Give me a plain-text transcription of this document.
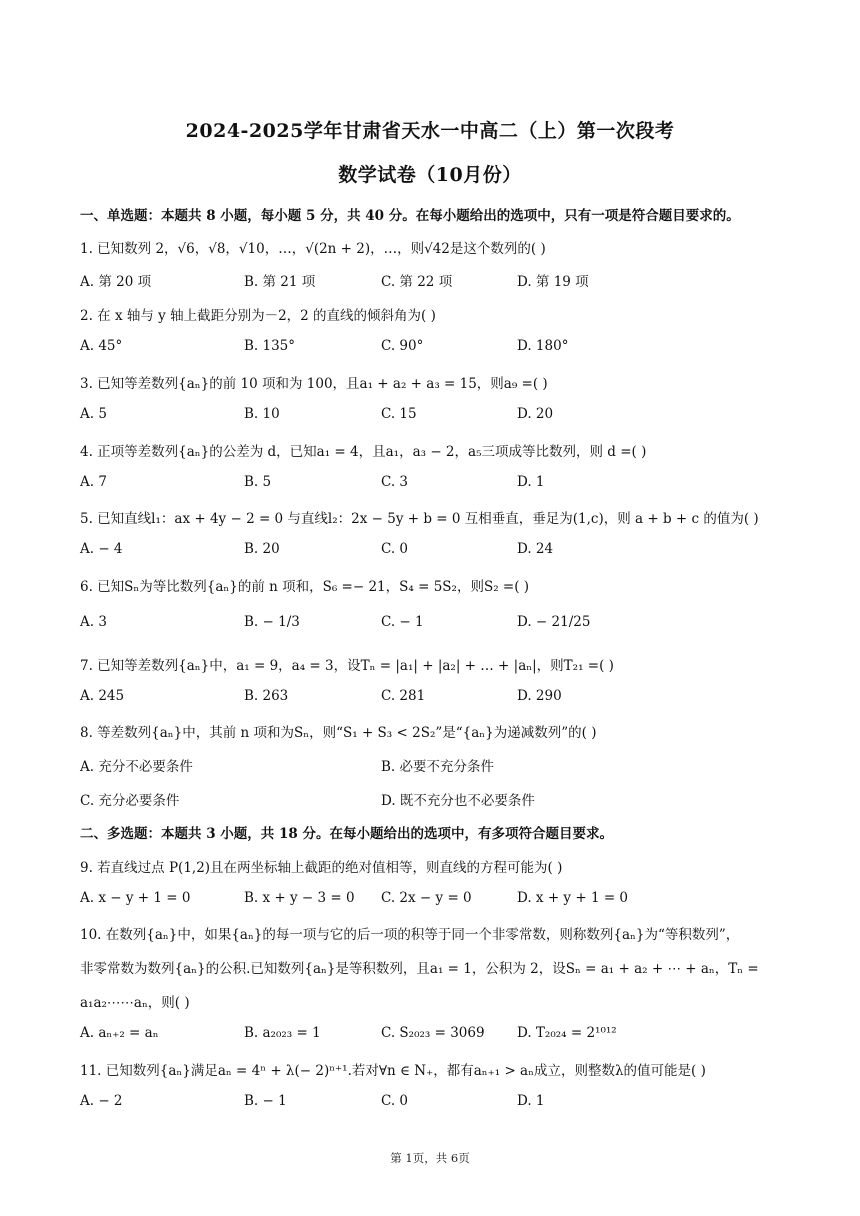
2024-2025学年甘肃省天水一中高二（上）第一次段考
数学试卷（10月份）
一、单选题：本题共 8 小题，每小题 5 分，共 40 分。在每小题给出的选项中，只有一项是符合题目要求的。
1. 已知数列 2，√6，√8，√10，…，√(2n + 2)，…，则√42是这个数列的( )
A. 第 20 项	B. 第 21 项	C. 第 22 项	D. 第 19 项
2. 在 x 轴与 y 轴上截距分别为－2，2 的直线的倾斜角为( )
A. 45°	B. 135°	C. 90°	D. 180°
3. 已知等差数列{aₙ}的前 10 项和为 100，且a₁ + a₂ + a₃ = 15，则a₉ =( )
A. 5	B. 10	C. 15	D. 20
4. 正项等差数列{aₙ}的公差为 d，已知a₁ = 4，且a₁，a₃ − 2，a₅三项成等比数列，则 d =( )
A. 7	B. 5	C. 3	D. 1
5. 已知直线l₁：ax + 4y − 2 = 0 与直线l₂：2x − 5y + b = 0 互相垂直，垂足为(1,c)，则 a + b + c 的值为( )
A. − 4	B. 20	C. 0	D. 24
6. 已知Sₙ为等比数列{aₙ}的前 n 项和，S₆ =− 21，S₄ = 5S₂，则S₂ =( )
A. 3	B. − 1/3	C. − 1	D. − 21/25
7. 已知等差数列{aₙ}中，a₁ = 9，a₄ = 3，设Tₙ = |a₁| + |a₂| + … + |aₙ|，则T₂₁ =( )
A. 245	B. 263	C. 281	D. 290
8. 等差数列{aₙ}中，其前 n 项和为Sₙ，则“S₁ + S₃ < 2S₂”是“{aₙ}为递减数列”的( )
A. 充分不必要条件	B. 必要不充分条件
C. 充分必要条件	D. 既不充分也不必要条件
二、多选题：本题共 3 小题，共 18 分。在每小题给出的选项中，有多项符合题目要求。
9. 若直线过点 P(1,2)且在两坐标轴上截距的绝对值相等，则直线的方程可能为( )
A. x − y + 1 = 0	B. x + y − 3 = 0 C. 2x − y = 0	D. x + y + 1 = 0
10. 在数列{aₙ}中，如果{aₙ}的每一项与它的后一项的积等于同一个非零常数，则称数列{aₙ}为“等积数列”，
非零常数为数列{aₙ}的公积.已知数列{aₙ}是等积数列，且a₁ = 1，公积为 2，设Sₙ = a₁ + a₂ + ⋯ + aₙ，Tₙ =
a₁a₂⋯⋯aₙ，则( )
A. aₙ₊₂ = aₙ	B. a₂₀₂₃ = 1	C. S₂₀₂₃ = 3069 D. T₂₀₂₄ = 2¹⁰¹²
11. 已知数列{aₙ}满足aₙ = 4ⁿ + λ(− 2)ⁿ⁺¹.若对∀n ∈ N₊，都有aₙ₊₁ > aₙ成立，则整数λ的值可能是( )
A. − 2	B. − 1	C. 0	D. 1
第 1页，共 6页
